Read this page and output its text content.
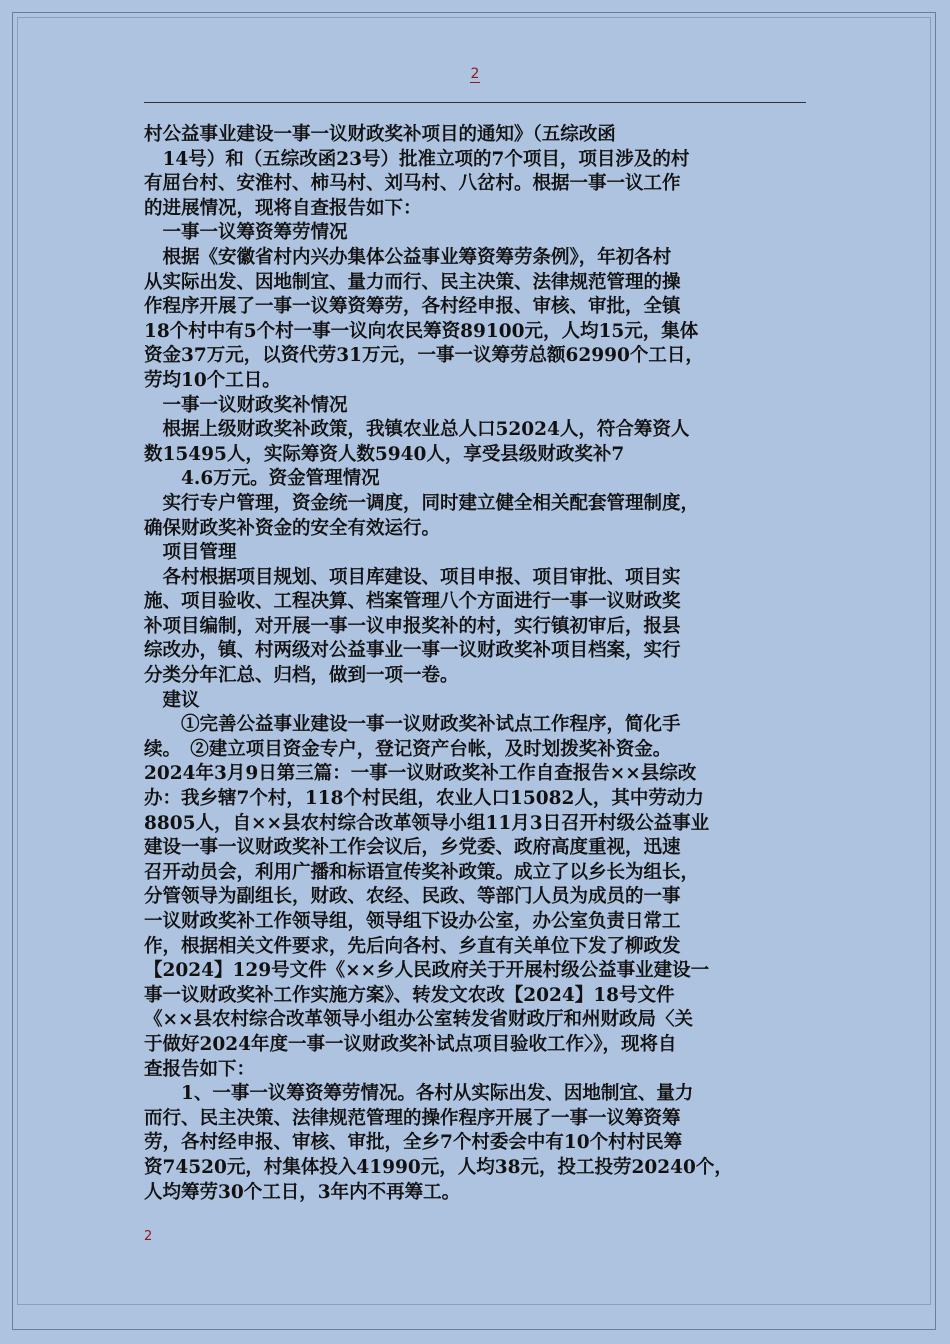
2

村公益事业建设一事一议财政奖补项目的通知》（五综改函

　14号）和（五综改函23号）批准立项的7个项目，项目涉及的村

有屈台村、安淮村、柿马村、刘马村、八岔村。根据一事一议工作

的进展情况，现将自查报告如下：

　一事一议筹资筹劳情况

　根据《安徽省村内兴办集体公益事业筹资筹劳条例》，年初各村

从实际出发、因地制宜、量力而行、民主决策、法律规范管理的操

作程序开展了一事一议筹资筹劳，各村经申报、审核、审批，全镇

18个村中有5个村一事一议向农民筹资89100元，人均15元，集体

资金37万元，以资代劳31万元，一事一议筹劳总额62990个工日，

劳均10个工日。

　一事一议财政奖补情况

　根据上级财政奖补政策，我镇农业总人口52024人，符合筹资人

数15495人，实际筹资人数5940人，享受县级财政奖补7

　　4.6万元。资金管理情况

　实行专户管理，资金统一调度，同时建立健全相关配套管理制度，

确保财政奖补资金的安全有效运行。

　项目管理

　各村根据项目规划、项目库建设、项目申报、项目审批、项目实

施、项目验收、工程决算、档案管理八个方面进行一事一议财政奖

补项目编制，对开展一事一议申报奖补的村，实行镇初审后，报县

综改办，镇、村两级对公益事业一事一议财政奖补项目档案，实行

分类分年汇总、归档，做到一项一卷。

　建议

　　①完善公益事业建设一事一议财政奖补试点工作程序，简化手

续。　②建立项目资金专户，登记资产台帐，及时划拨奖补资金。

2024年3月9日第三篇：一事一议财政奖补工作自查报告××县综改

办：我乡辖7个村，118个村民组，农业人口15082人，其中劳动力

8805人，自××县农村综合改革领导小组11月3日召开村级公益事业

建设一事一议财政奖补工作会议后，乡党委、政府高度重视，迅速

召开动员会，利用广播和标语宣传奖补政策。成立了以乡长为组长，

分管领导为副组长，财政、农经、民政、等部门人员为成员的一事

一议财政奖补工作领导组，领导组下设办公室，办公室负责日常工

作，根据相关文件要求，先后向各村、乡直有关单位下发了柳政发

【2024】129号文件《××乡人民政府关于开展村级公益事业建设一

事一议财政奖补工作实施方案》、转发文农改【2024】18号文件

《××县农村综合改革领导小组办公室转发省财政厅和州财政局〈关

于做好2024年度一事一议财政奖补试点项目验收工作〉》，现将自

查报告如下：

　　1、一事一议筹资筹劳情况。各村从实际出发、因地制宜、量力

而行、民主决策、法律规范管理的操作程序开展了一事一议筹资筹

劳，各村经申报、审核、审批，全乡7个村委会中有10个村村民筹

资74520元，村集体投入41990元，人均38元，投工投劳20240个，

人均筹劳30个工日，3年内不再筹工。

2
